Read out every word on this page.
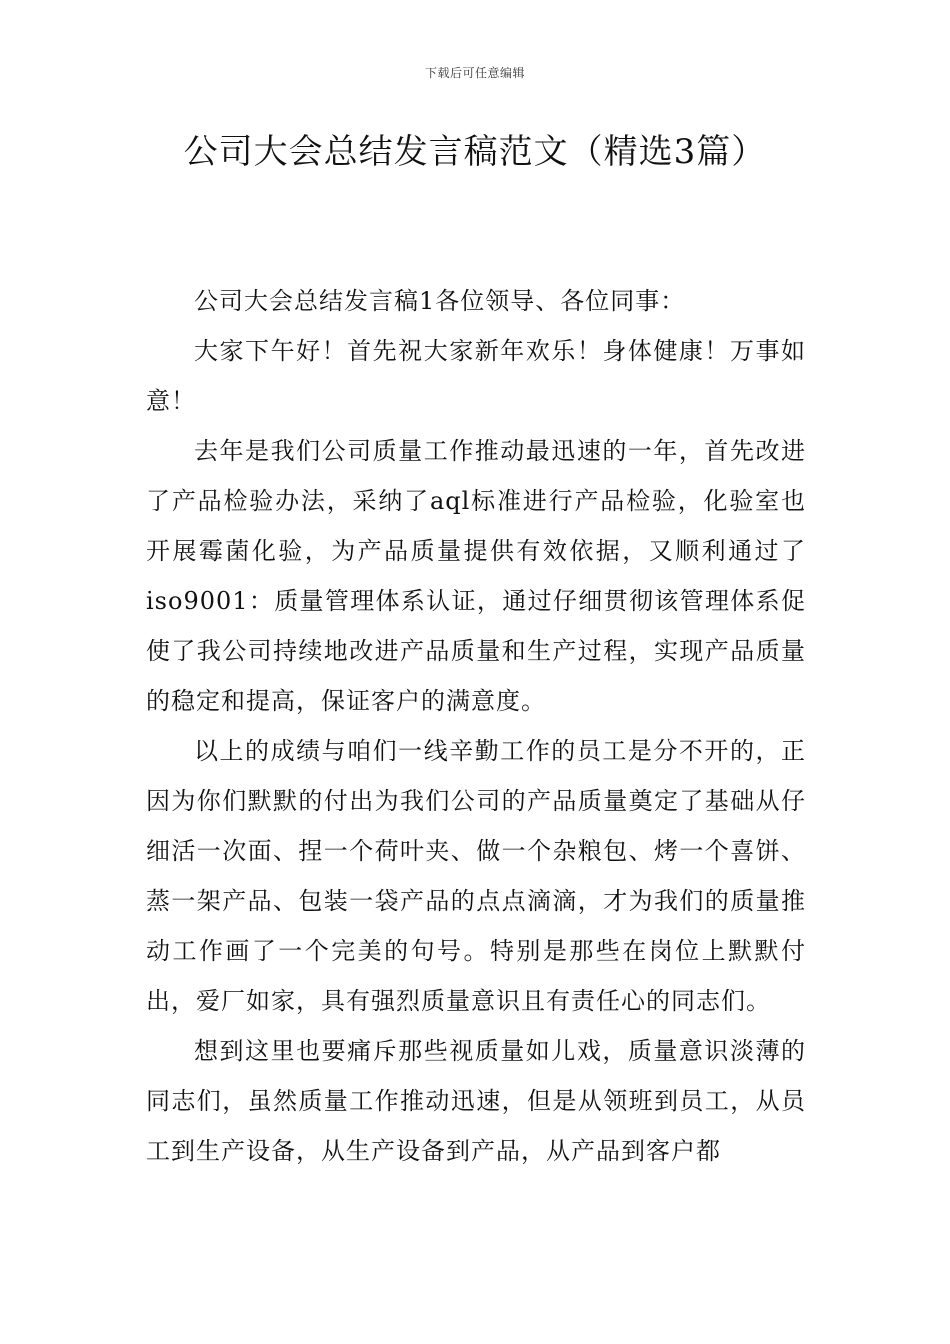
下载后可任意编辑
公司大会总结发言稿范文（精选3篇）

公司大会总结发言稿1各位领导、各位同事：

大家下午好！首先祝大家新年欢乐！身体健康！万事如意！

去年是我们公司质量工作推动最迅速的一年，首先改进了产品检验办法，采纳了aql标准进行产品检验，化验室也开展霉菌化验，为产品质量提供有效依据，又顺利通过了iso9001：质量管理体系认证，通过仔细贯彻该管理体系促使了我公司持续地改进产品质量和生产过程，实现产品质量的稳定和提高，保证客户的满意度。

以上的成绩与咱们一线辛勤工作的员工是分不开的，正因为你们默默的付出为我们公司的产品质量奠定了基础从仔细活一次面、捏一个荷叶夹、做一个杂粮包、烤一个喜饼、蒸一架产品、包装一袋产品的点点滴滴，才为我们的质量推动工作画了一个完美的句号。特别是那些在岗位上默默付出，爱厂如家，具有强烈质量意识且有责任心的同志们。

想到这里也要痛斥那些视质量如儿戏，质量意识淡薄的同志们，虽然质量工作推动迅速，但是从领班到员工，从员工到生产设备，从生产设备到产品，从产品到客户都
